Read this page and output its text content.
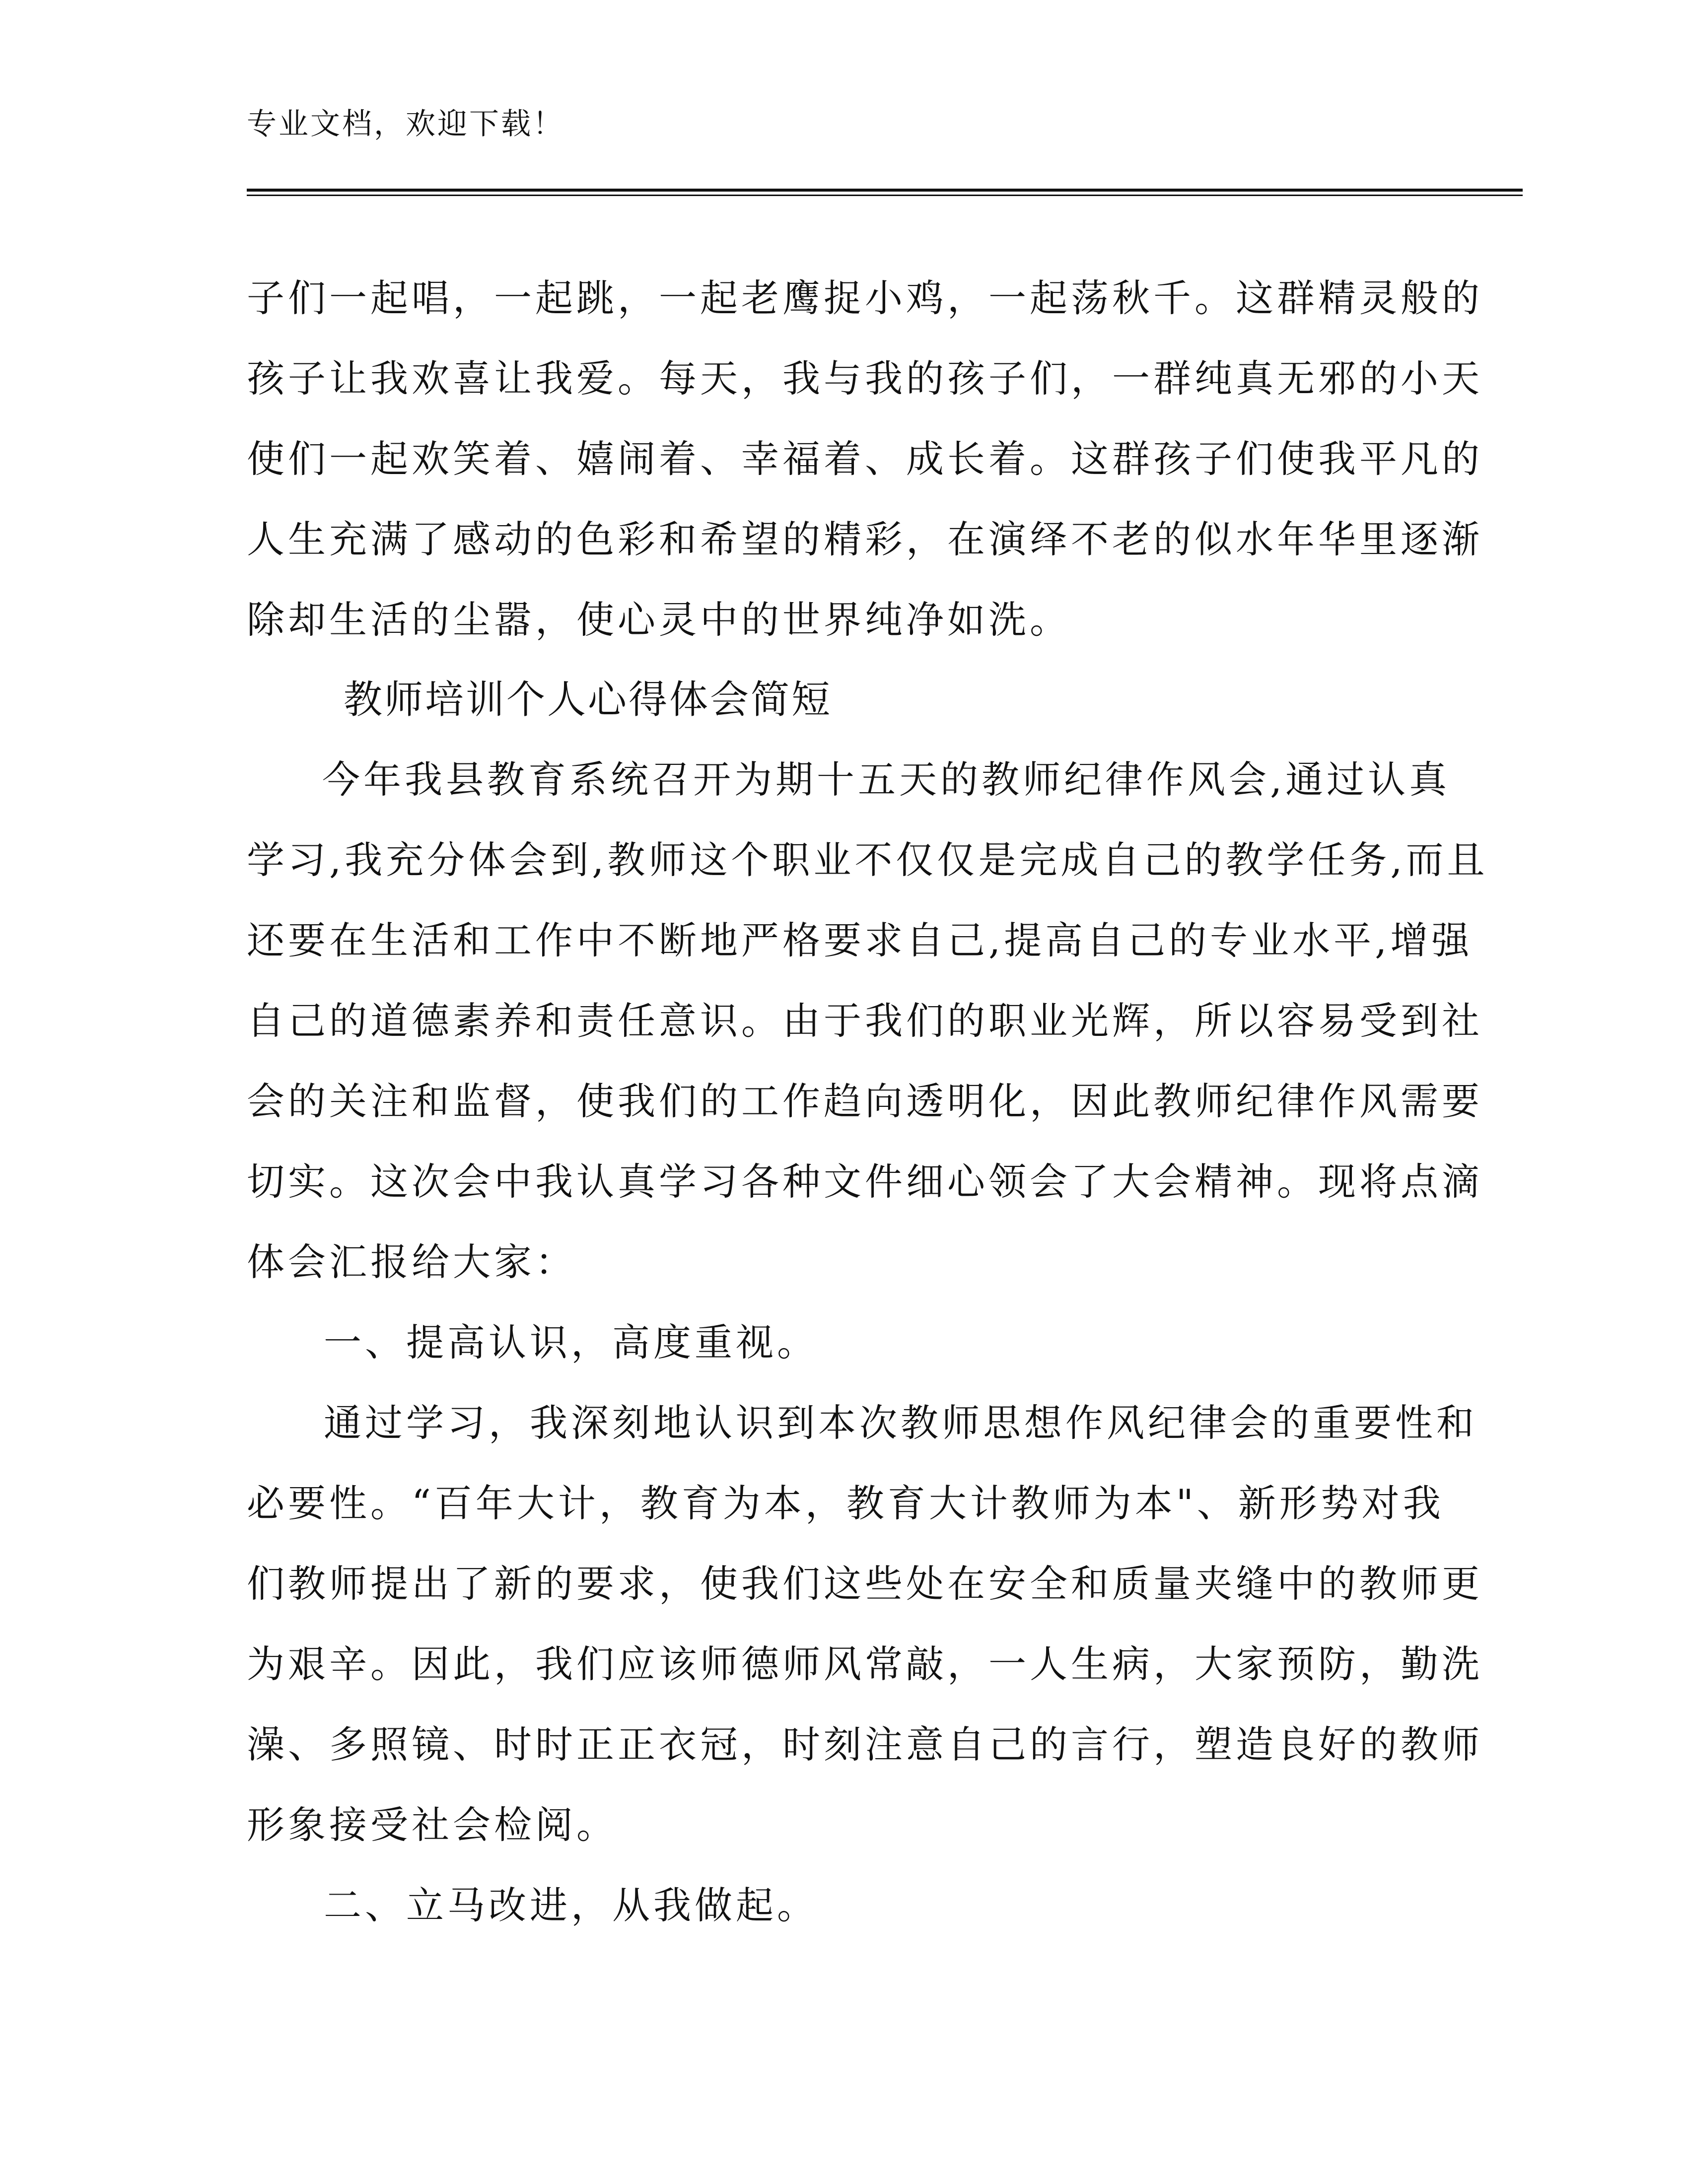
专业文档，欢迎下载！
子们一起唱，一起跳，一起老鹰捉小鸡，一起荡秋千。这群精灵般的
孩子让我欢喜让我爱。每天，我与我的孩子们，一群纯真无邪的小天
使们一起欢笑着、嬉闹着、幸福着、成长着。这群孩子们使我平凡的
人生充满了感动的色彩和希望的精彩，在演绎不老的似水年华里逐渐
除却生活的尘嚣，使心灵中的世界纯净如洗。
教师培训个人心得体会简短
今年我县教育系统召开为期十五天的教师纪律作风会,通过认真
学习,我充分体会到,教师这个职业不仅仅是完成自己的教学任务,而且
还要在生活和工作中不断地严格要求自己,提高自己的专业水平,增强
自己的道德素养和责任意识。由于我们的职业光辉，所以容易受到社
会的关注和监督，使我们的工作趋向透明化，因此教师纪律作风需要
切实。这次会中我认真学习各种文件细心领会了大会精神。现将点滴
体会汇报给大家：
一、提高认识，高度重视。
通过学习，我深刻地认识到本次教师思想作风纪律会的重要性和
必要性。“百年大计，教育为本，教育大计教师为本"、新形势对我
们教师提出了新的要求，使我们这些处在安全和质量夹缝中的教师更
为艰辛。因此，我们应该师德师风常敲，一人生病，大家预防，勤洗
澡、多照镜、时时正正衣冠，时刻注意自己的言行，塑造良好的教师
形象接受社会检阅。
二、立马改进，从我做起。
